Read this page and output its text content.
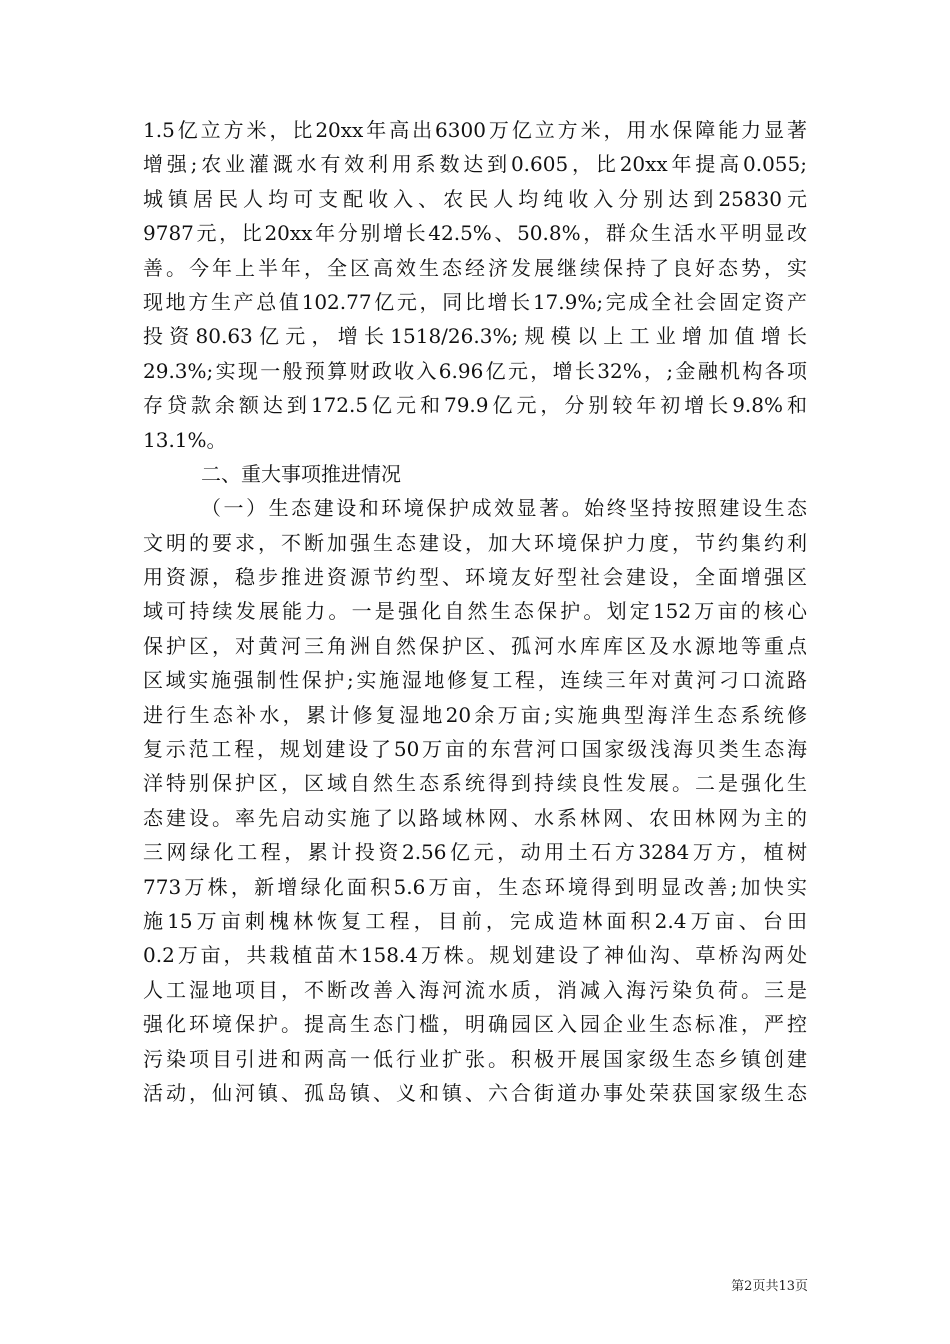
1.5亿立方米，比20xx年高出6300万亿立方米，用水保障能力显著
增强;农业灌溉水有效利用系数达到0.605，比20xx年提高0.055;
城镇居民人均可支配收入、农民人均纯收入分别达到25830元
9787元，比20xx年分别增长42.5%、50.8%，群众生活水平明显改
善。今年上半年，全区高效生态经济发展继续保持了良好态势，实
现地方生产总值102.77亿元，同比增长17.9%;完成全社会固定资产
投资80.63亿元，增长1518/26.3%;规模以上工业增加值增长
29.3%;实现一般预算财政收入6.96亿元，增长32%，;金融机构各项
存贷款余额达到172.5亿元和79.9亿元，分别较年初增长9.8%和
13.1%。
二、重大事项推进情况
（一）生态建设和环境保护成效显著。始终坚持按照建设生态
文明的要求，不断加强生态建设，加大环境保护力度，节约集约利
用资源，稳步推进资源节约型、环境友好型社会建设，全面增强区
域可持续发展能力。一是强化自然生态保护。划定152万亩的核心
保护区，对黄河三角洲自然保护区、孤河水库库区及水源地等重点
区域实施强制性保护;实施湿地修复工程，连续三年对黄河刁口流路
进行生态补水，累计修复湿地20余万亩;实施典型海洋生态系统修
复示范工程，规划建设了50万亩的东营河口国家级浅海贝类生态海
洋特别保护区，区域自然生态系统得到持续良性发展。二是强化生
态建设。率先启动实施了以路域林网、水系林网、农田林网为主的
三网绿化工程，累计投资2.56亿元，动用土石方3284万方，植树
773万株，新增绿化面积5.6万亩，生态环境得到明显改善;加快实
施15万亩刺槐林恢复工程，目前，完成造林面积2.4万亩、台田
0.2万亩，共栽植苗木158.4万株。规划建设了神仙沟、草桥沟两处
人工湿地项目，不断改善入海河流水质，消减入海污染负荷。三是
强化环境保护。提高生态门槛，明确园区入园企业生态标准，严控
污染项目引进和两高一低行业扩张。积极开展国家级生态乡镇创建
活动，仙河镇、孤岛镇、义和镇、六合街道办事处荣获国家级生态
第2页共13页
